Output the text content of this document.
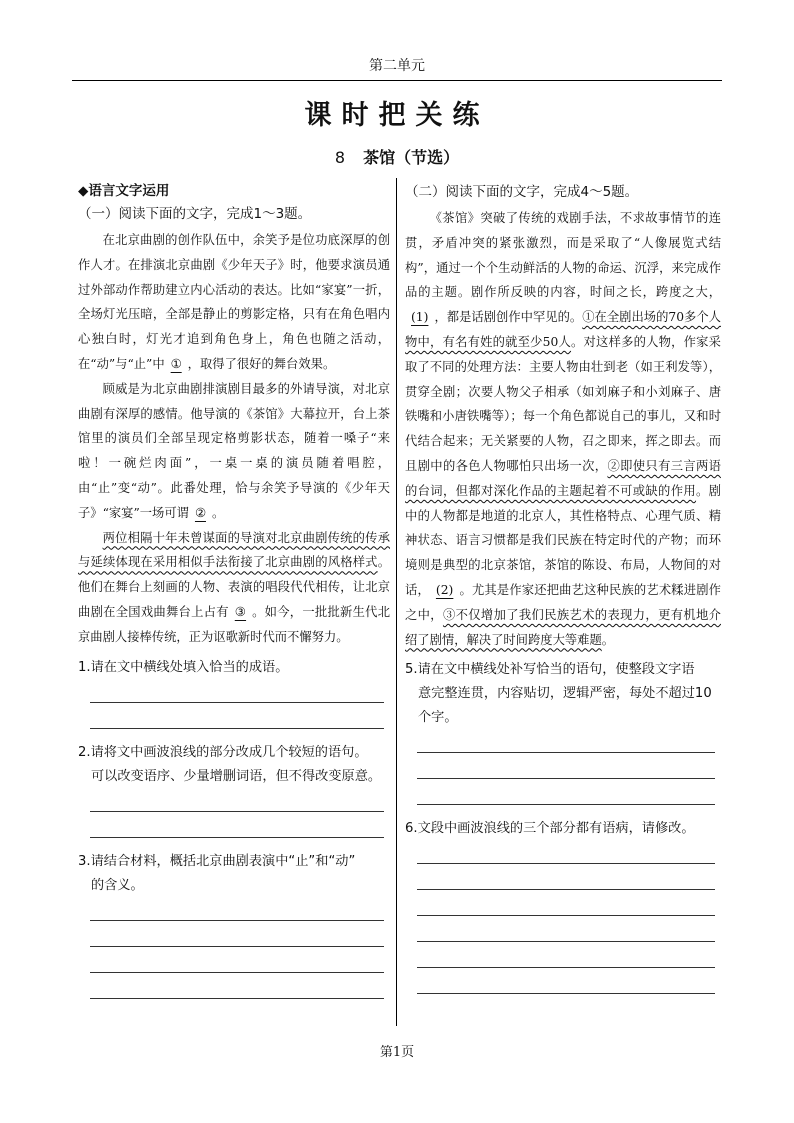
第二单元
课时把关练
8 茶馆（节选）
◆语言文字运用
（一）阅读下面的文字，完成1～3题。

在北京曲剧的创作队伍中，余笑予是位功底深厚的创作人才。在排演北京曲剧《少年天子》时，他要求演员通过外部动作帮助建立内心活动的表达。比如“家宴”一折，全场灯光压暗，全部是静止的剪影定格，只有在角色唱内心独白时，灯光才追到角色身上，角色也随之活动，在“动”与“止”中 ① ，取得了很好的舞台效果。

顾威是为北京曲剧排演剧目最多的外请导演，对北京曲剧有深厚的感情。他导演的《茶馆》大幕拉开，台上茶馆里的演员们全部呈现定格剪影状态，随着一嗓子“来啦！一碗烂肉面”，一桌一桌的演员随着唱腔，由“止”变“动”。此番处理，恰与余笑予导演的《少年天子》“家宴”一场可谓 ② 。

两位相隔十年未曾谋面的导演对北京曲剧传统的传承与延续体现在采用相似手法衔接了北京曲剧的风格样式。他们在舞台上刻画的人物、表演的唱段代代相传，让北京曲剧在全国戏曲舞台上占有 ③ 。如今，一批批新生代北京曲剧人接棒传统，正为讴歌新时代而不懈努力。

1.请在文中横线处填入恰当的成语。
2.请将文中画波浪线的部分改成几个较短的语句。
可以改变语序、少量增删词语，但不得改变原意。
3.请结合材料，概括北京曲剧表演中“止”和“动”
的含义。
（二）阅读下面的文字，完成4～5题。

《茶馆》突破了传统的戏剧手法，不求故事情节的连贯，矛盾冲突的紧张激烈，而是采取了“人像展览式结构”，通过一个个生动鲜活的人物的命运、沉浮，来完成作品的主题。剧作所反映的内容，时间之长，跨度之大，(1) ，都是话剧创作中罕见的。①在全剧出场的70多个人物中，有名有姓的就至少50人。对这样多的人物，作家采取了不同的处理方法：主要人物由壮到老（如王利发等），贯穿全剧；次要人物父子相承（如刘麻子和小刘麻子、唐铁嘴和小唐铁嘴等）；每一个角色都说自己的事儿，又和时代结合起来；无关紧要的人物，召之即来，挥之即去。而且剧中的各色人物哪怕只出场一次，②即使只有三言两语的台词，但都对深化作品的主题起着不可或缺的作用。剧中的人物都是地道的北京人，其性格特点、心理气质、精神状态、语言习惯都是我们民族在特定时代的产物；而环境则是典型的北京茶馆，茶馆的陈设、布局，人物间的对话， (2) 。尤其是作家还把曲艺这种民族的艺术糅进剧作之中，③不仅增加了我们民族艺术的表现力，更有机地介绍了剧情，解决了时间跨度大等难题。

5.请在文中横线处补写恰当的语句，使整段文字语
意完整连贯，内容贴切，逻辑严密，每处不超过10个字。
6.文段中画波浪线的三个部分都有语病，请修改。
第1页
